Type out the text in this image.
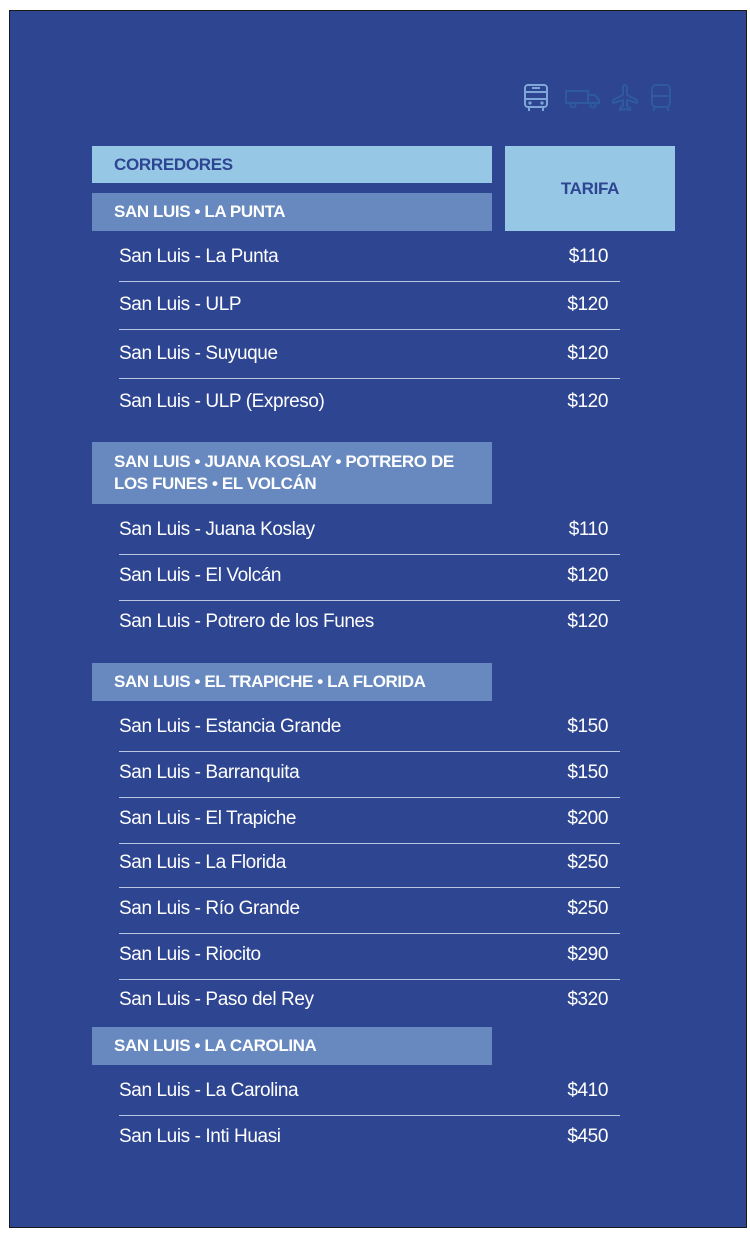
CORREDORES
TARIFA
SAN LUIS • LA PUNTA
San Luis - La Punta	$110
San Luis - ULP	$120
San Luis - Suyuque	$120
San Luis - ULP (Expreso)	$120
SAN LUIS • JUANA KOSLAY • POTRERO DE LOS FUNES • EL VOLCÁN
San Luis - Juana Koslay	$110
San Luis - El Volcán	$120
San Luis - Potrero de los Funes	$120
SAN LUIS • EL TRAPICHE • LA FLORIDA
San Luis - Estancia Grande	$150
San Luis - Barranquita	$150
San Luis - El Trapiche	$200
San Luis - La Florida	$250
San Luis - Río Grande	$250
San Luis - Riocito	$290
San Luis - Paso del Rey	$320
SAN LUIS • LA CAROLINA
San Luis - La Carolina	$410
San Luis - Inti Huasi	$450
